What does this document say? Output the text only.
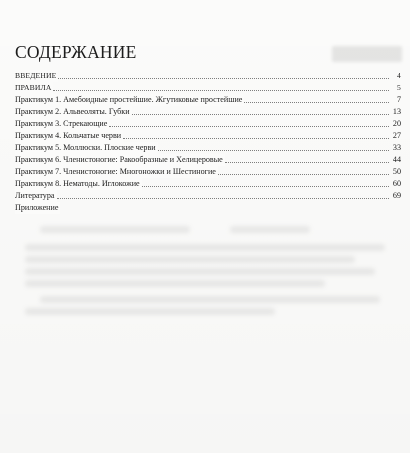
СОДЕРЖАНИЕ
ВВЕДЕНИЕ	4
ПРАВИЛА	5
Практикум 1. Амебоидные простейшие. Жгутиковые простейшие	7
Практикум 2. Альвеоляты. Губки	13
Практикум 3. Стрекающие	20
Практикум 4. Кольчатые черви	27
Практикум 5. Моллюски. Плоские черви	33
Практикум 6. Членистоногие: Ракообразные и Хелицеровые	44
Практикум 7. Членистоногие: Многоножки и Шестиногие	50
Практикум 8. Нематоды. Иглокожие	60
Литература	69
Приложение
